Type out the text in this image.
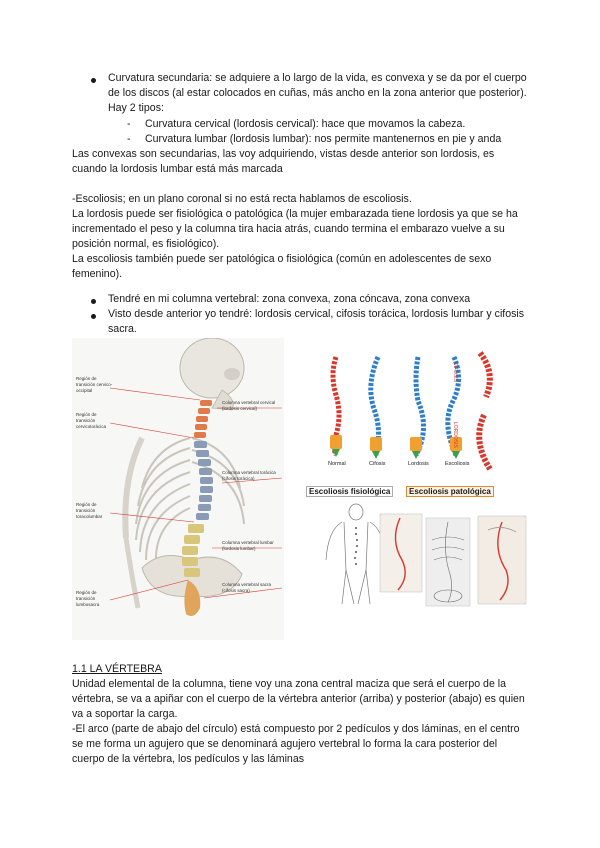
Curvatura secundaria: se adquiere a lo largo de la vida, es convexa y se da por el cuerpo de los discos (al estar colocados en cuñas, más ancho en la zona anterior que posterior). Hay 2 tipos:

- Curvatura cervical (lordosis cervical): hace que movamos la cabeza.

- Curvatura lumbar (lordosis lumbar): nos permite mantenernos en pie y anda

Las convexas son secundarias, las voy adquiriendo, vistas desde anterior son lordosis, es cuando la lordosis lumbar está más marcada

-Escoliosis; en un plano coronal si no está recta hablamos de escoliosis.

La lordosis puede ser fisiológica o patológica (la mujer embarazada tiene lordosis ya que se ha incrementado el peso y la columna tira hacia atrás, cuando termina el embarazo vuelve a su posición normal, es fisiológico).

La escoliosis también puede ser patológica o fisiológica (común en adolescentes de sexo femenino).

Tendré en mi columna vertebral: zona convexa, zona cóncava, zona convexa

Visto desde anterior yo tendré: lordosis cervical, cifosis torácica, lordosis lumbar y cifosis sacra.

Región de transición cervico-occipital
Región de transición cervicotorácica
Región de transición toracolumbar
Región de transición lumbosacra
Columna vertebral cervical (lordosis cervical)
Columna vertebral torácica (cifosis torácica)
Columna vertebral lumbar (lordosis lumbar)
Columna vertebral sacra (cifosis sacra)
Normal	Cifosis	Lordosis	Escoliosis
CIFOSIS
LORDOSIS
Escoliosis fisiológica	Escoliosis patológica

1.1 LA VÉRTEBRA

Unidad elemental de la columna, tiene voy una zona central maciza que será el cuerpo de la vértebra, se va a apiñar con el cuerpo de la vértebra anterior (arriba) y posterior (abajo) es quien va a soportar la carga.

-El arco (parte de abajo del círculo) está compuesto por 2 pedículos y dos láminas, en el centro se me forma un agujero que se denominará agujero vertebral lo forma la cara posterior del cuerpo de la vértebra, los pedículos y las láminas
